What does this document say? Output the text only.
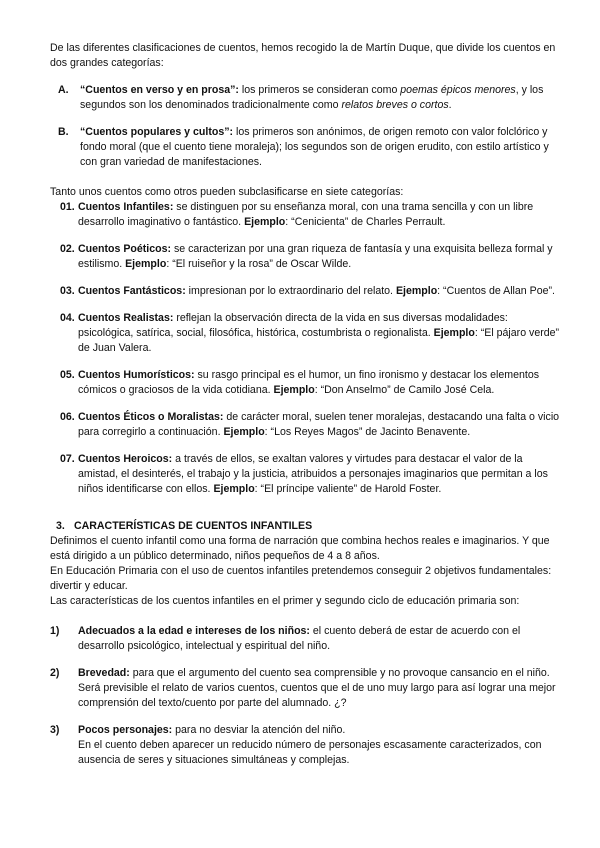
De las diferentes clasificaciones de cuentos, hemos recogido la de Martín Duque, que divide los cuentos en dos grandes categorías:

A. “Cuentos en verso y en prosa”: los primeros se consideran como poemas épicos menores, y los segundos son los denominados tradicionalmente como relatos breves o cortos.
B. “Cuentos populares y cultos”: los primeros son anónimos, de origen remoto con valor folclórico y fondo moral (que el cuento tiene moraleja); los segundos son de origen erudito, con estilo artístico y con gran variedad de manifestaciones.

Tanto unos cuentos como otros pueden subclasificarse en siete categorías:

01. Cuentos Infantiles: se distinguen por su enseñanza moral, con una trama sencilla y con un libre desarrollo imaginativo o fantástico. Ejemplo: “Cenicienta” de Charles Perrault.
02. Cuentos Poéticos: se caracterizan por una gran riqueza de fantasía y una exquisita belleza formal y estilismo. Ejemplo: “El ruiseñor y la rosa” de Oscar Wilde.
03. Cuentos Fantásticos: impresionan por lo extraordinario del relato. Ejemplo: “Cuentos de Allan Poe”.
04. Cuentos Realistas: reflejan la observación directa de la vida en sus diversas modalidades: psicológica, satírica, social, filosófica, histórica, costumbrista o regionalista. Ejemplo: “El pájaro verde” de Juan Valera.
05. Cuentos Humorísticos: su rasgo principal es el humor, un fino ironismo y destacar los elementos cómicos o graciosos de la vida cotidiana. Ejemplo: “Don Anselmo” de Camilo José Cela.
06. Cuentos Éticos o Moralistas: de carácter moral, suelen tener moralejas, destacando una falta o vicio para corregirlo a continuación. Ejemplo: “Los Reyes Magos” de Jacinto Benavente.
07. Cuentos Heroicos: a través de ellos, se exaltan valores y virtudes para destacar el valor de la amistad, el desinterés, el trabajo y la justicia, atribuidos a personajes imaginarios que permitan a los niños identificarse con ellos. Ejemplo: “El príncipe valiente” de Harold Foster.

3. CARACTERÍSTICAS DE CUENTOS INFANTILES

Definimos el cuento infantil como una forma de narración que combina hechos reales e imaginarios. Y que está dirigido a un público determinado, niños pequeños de 4 a 8 años.

En Educación Primaria con el uso de cuentos infantiles pretendemos conseguir 2 objetivos fundamentales: divertir y educar.

Las características de los cuentos infantiles en el primer y segundo ciclo de educación primaria son:

1) Adecuados a la edad e intereses de los niños: el cuento deberá de estar de acuerdo con el desarrollo psicológico, intelectual y espiritual del niño.
2) Brevedad: para que el argumento del cuento sea comprensible y no provoque cansancio en el niño.

Será previsible el relato de varios cuentos, cuentos que el de uno muy largo para así lograr una mejor comprensión del texto/cuento por parte del alumnado. ¿?

3) Pocos personajes: para no desviar la atención del niño.

En el cuento deben aparecer un reducido número de personajes escasamente caracterizados, con ausencia de seres y situaciones simultáneas y complejas.
